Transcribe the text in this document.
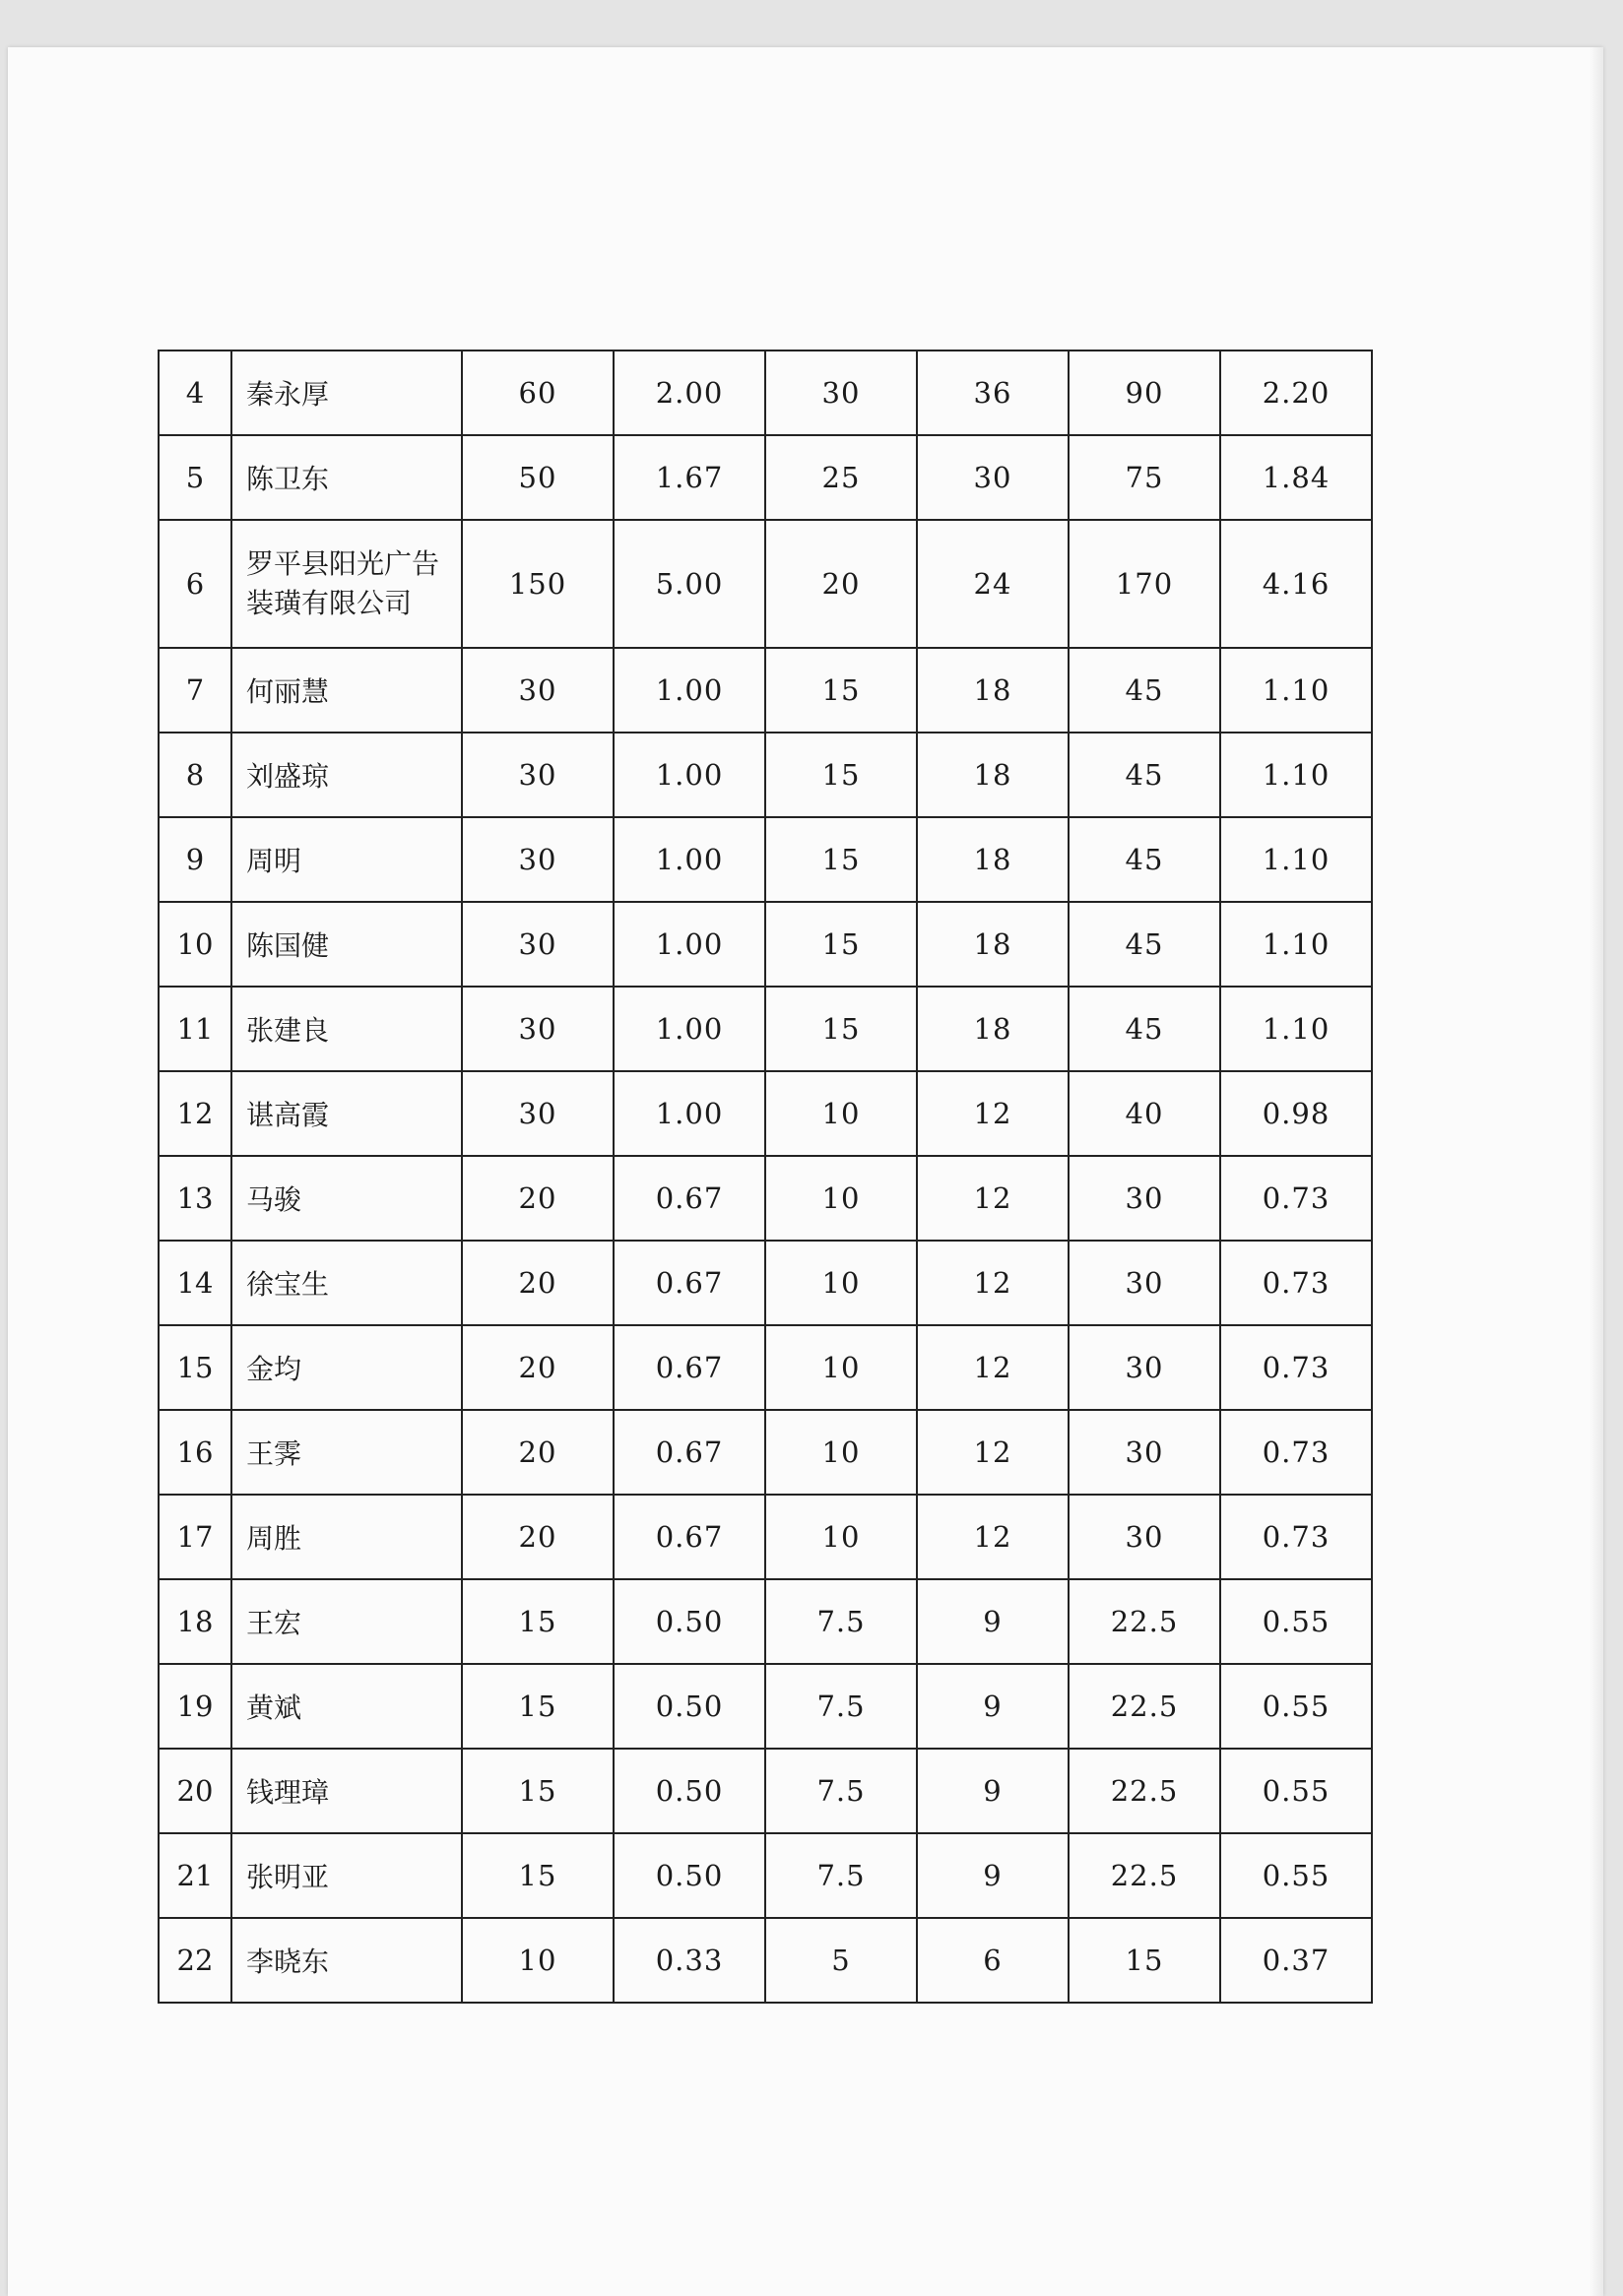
4	秦永厚	60	2.00	30	36	90	2.20
5	陈卫东	50	1.67	25	30	75	1.84
6	罗平县阳光广告装璜有限公司	150	5.00	20	24	170	4.16
7	何丽慧	30	1.00	15	18	45	1.10
8	刘盛琼	30	1.00	15	18	45	1.10
9	周明	30	1.00	15	18	45	1.10
10	陈国健	30	1.00	15	18	45	1.10
11	张建良	30	1.00	15	18	45	1.10
12	谌高霞	30	1.00	10	12	40	0.98
13	马骏	20	0.67	10	12	30	0.73
14	徐宝生	20	0.67	10	12	30	0.73
15	金均	20	0.67	10	12	30	0.73
16	王霁	20	0.67	10	12	30	0.73
17	周胜	20	0.67	10	12	30	0.73
18	王宏	15	0.50	7.5	9	22.5	0.55
19	黄斌	15	0.50	7.5	9	22.5	0.55
20	钱理璋	15	0.50	7.5	9	22.5	0.55
21	张明亚	15	0.50	7.5	9	22.5	0.55
22	李晓东	10	0.33	5	6	15	0.37
